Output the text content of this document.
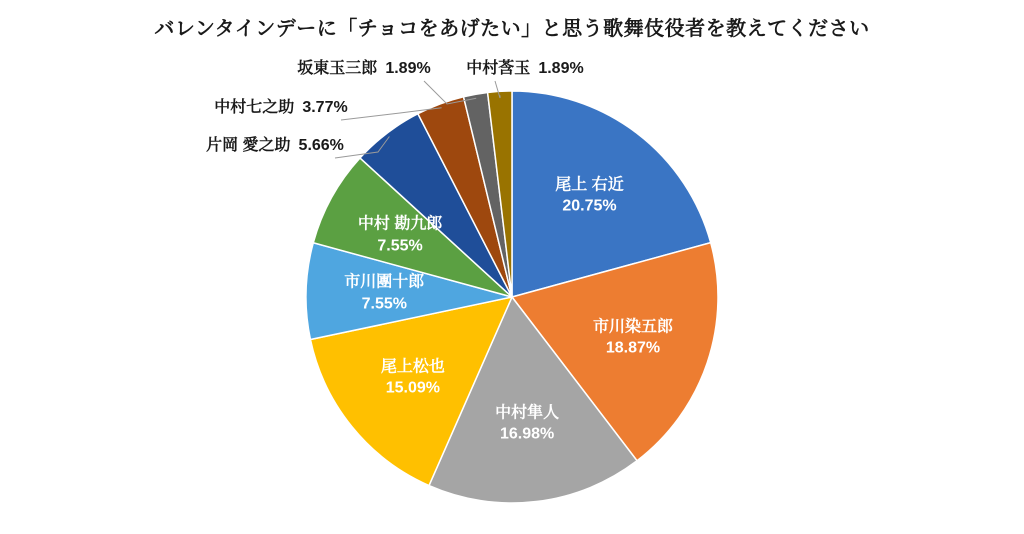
バレンタインデーに「チョコをあげたい」と思う歌舞伎役者を教えてください
尾上 右近
20.75%
市川染五郎
18.87%
中村隼人
16.98%
尾上松也
15.09%
市川團十郎
7.55%
中村 勘九郎
7.55%
片岡 愛之助 5.66%
中村七之助 3.77%
坂東玉三郎 1.89% 中村莟玉 1.89%
